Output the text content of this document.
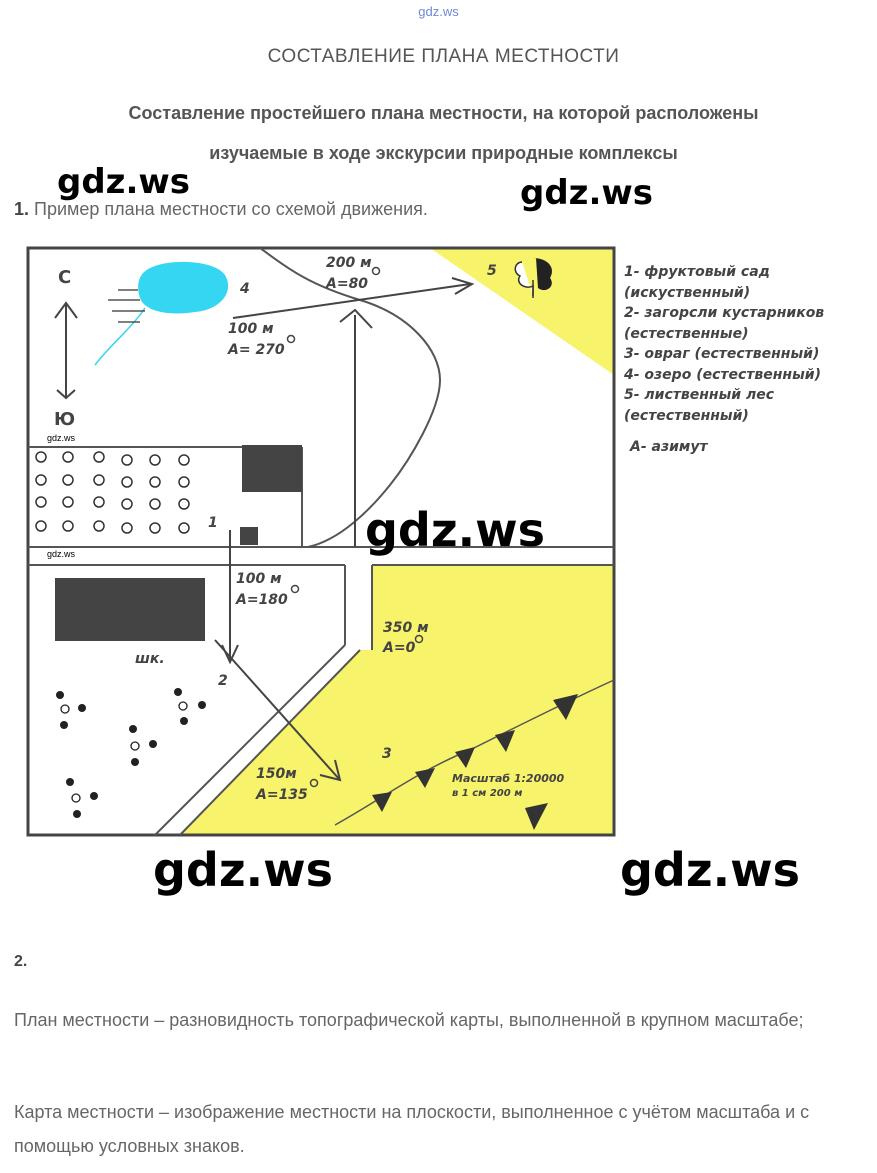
gdz.ws
СОСТАВЛЕНИЕ ПЛАНА МЕСТНОСТИ
Составление простейшего плана местности, на которой расположены
изучаемые в ходе экскурсии природные комплексы
1. Пример плана местности со схемой движения.
С
Ю
1
2
3
4
5
шк.
200 м
А=80
100 м
А= 270
100 м
А=180
350 м
А=0
150м
А=135
Масштаб 1:20000
в 1 см 200 м
1- фруктовый сад
(искуственный)
2- загорсли кустарников
(естественные)
3- овраг (естественный)
4- озеро (естественный)
5- лиственный лес
(естественный)
А- азимут
gdz.ws	gdz.ws
gdz.ws
gdz.ws	gdz.ws
gdz.ws
gdz.ws
2.
План местности – разновидность топографической карты, выполненной в крупном масштабе;
Карта местности – изображение местности на плоскости, выполненное с учётом масштаба и с помощью условных знаков.
